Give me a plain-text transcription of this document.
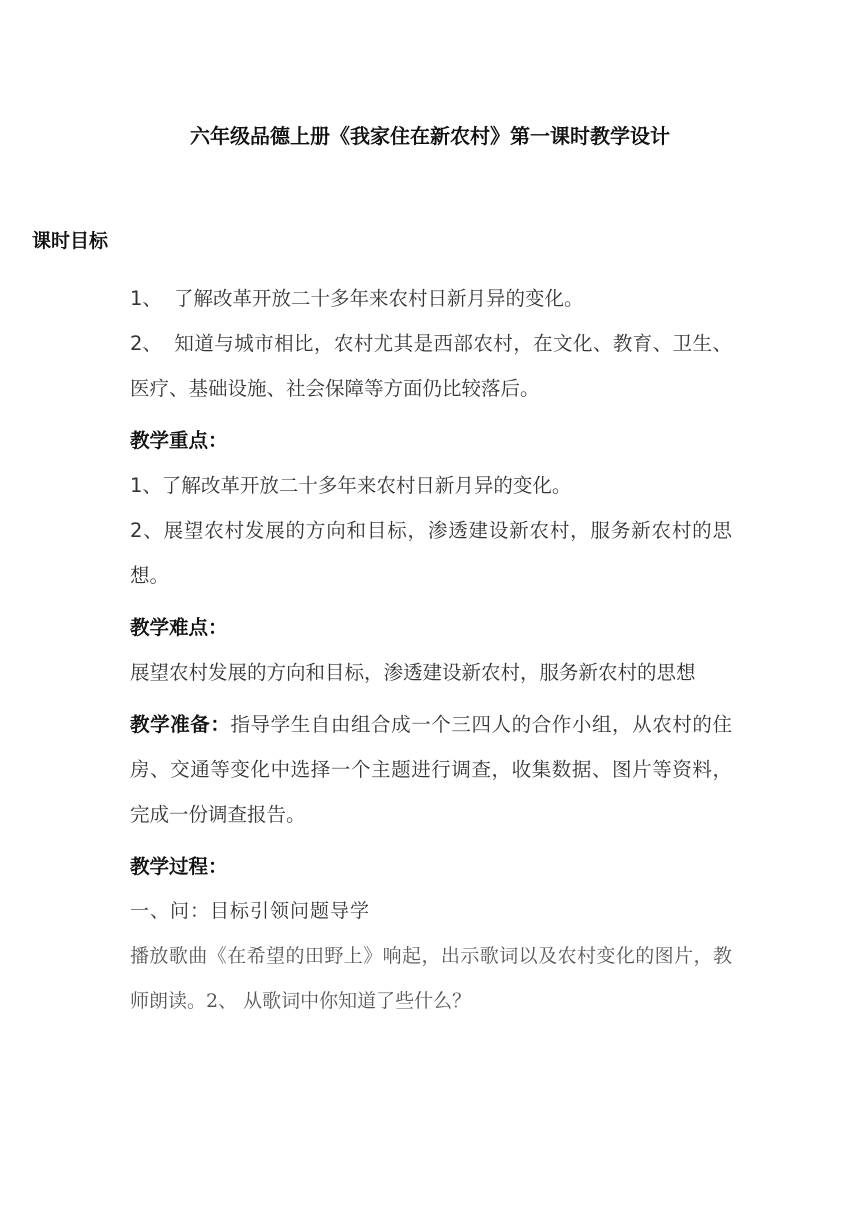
六年级品德上册《我家住在新农村》第一课时教学设计
课时目标

1、 了解改革开放二十多年来农村日新月异的变化。

2、 知道与城市相比，农村尤其是西部农村，在文化、教育、卫生、医疗、基础设施、社会保障等方面仍比较落后。

教学重点：

1、了解改革开放二十多年来农村日新月异的变化。

2、展望农村发展的方向和目标，渗透建设新农村，服务新农村的思想。

教学难点：

展望农村发展的方向和目标，渗透建设新农村，服务新农村的思想

教学准备：指导学生自由组合成一个三四人的合作小组，从农村的住房、交通等变化中选择一个主题进行调查，收集数据、图片等资料，完成一份调查报告。

教学过程：

一、问：目标引领问题导学

播放歌曲《在希望的田野上》响起，出示歌词以及农村变化的图片，教师朗读。2、 从歌词中你知道了些什么？
